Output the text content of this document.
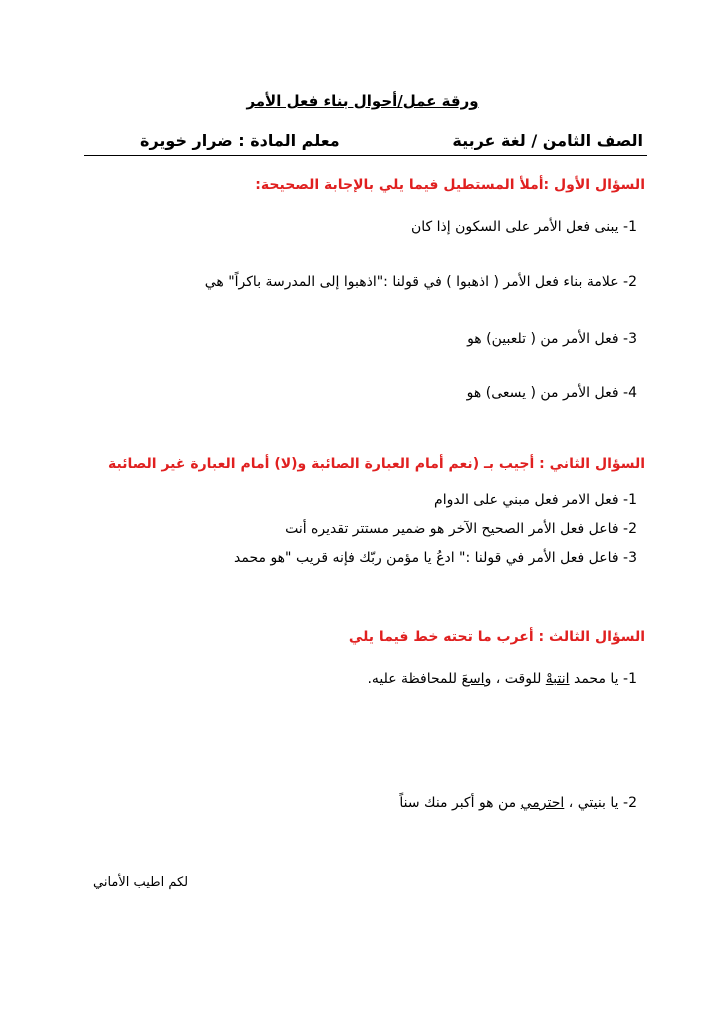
ورقة عمل/أحوال بناء فعل الأمر
الصف الثامن / لغة عربية
معلم المادة : ضرار خويرة
السؤال الأول :أملأ المستطيل فيما يلي بالإجابة الصحيحة:
1- يبنى فعل الأمر على السكون إذا كان
2- علامة بناء فعل الأمر ( اذهبوا ) في قولنا :"اذهبوا إلى المدرسة باكراً" هي
3- فعل الأمر من ( تلعبين) هو
4- فعل الأمر من ( يسعى) هو
السؤال الثاني : أجيب بـ (نعم أمام العبارة الصائبة و(لا) أمام العبارة غير الصائبة
1- فعل الامر فعل مبني على الدوام
2- فاعل فعل الأمر الصحيح الآخر هو ضمير مستتر تقديره أنت
3- فاعل فعل الأمر في قولنا :" ادعُ يا مؤمن ربّك فإنه قريب "هو محمد
السؤال الثالث : أعرب ما تحته خط فيما يلي
1- يا محمد انتبهْ للوقت ، واسعَ للمحافظة عليه.
2- يا بنيتي ، احترمي من هو أكبر منك سناً
لكم اطيب الأماني
